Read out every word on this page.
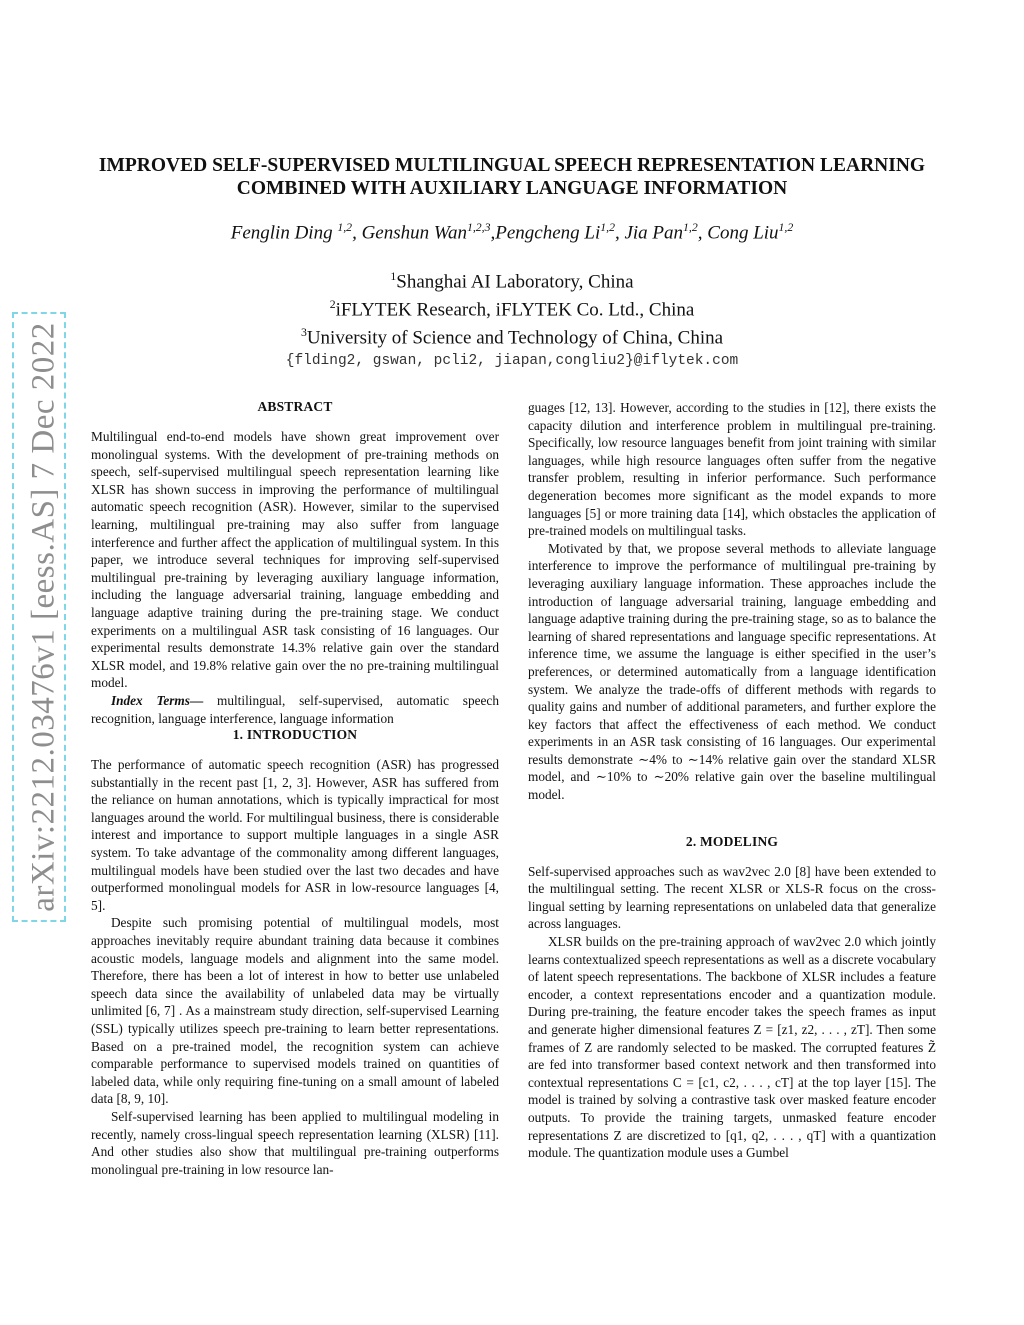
arXiv:2212.03476v1 [eess.AS] 7 Dec 2022
IMPROVED SELF-SUPERVISED MULTILINGUAL SPEECH REPRESENTATION LEARNING
COMBINED WITH AUXILIARY LANGUAGE INFORMATION

Fenglin Ding $^{1,2}$, Genshun Wan$^{1,2,3}$,Pengcheng Li$^{1,2}$, Jia Pan$^{1,2}$, Cong Liu$^{1,2}$

$^1$Shanghai AI Laboratory, China
$^2$iFLYTEK Research, iFLYTEK Co. Ltd., China
$^3$University of Science and Technology of China, China
{flding2, gswan, pcli2, jiapan,congliu2}@iflytek.com
ABSTRACT

Multilingual end-to-end models have shown great improvement over monolingual systems. With the development of pre-training methods on speech, self-supervised multilingual speech representation learning like XLSR has shown success in improving the performance of multilingual automatic speech recognition (ASR). However, similar to the supervised learning, multilingual pre-training may also suffer from language interference and further affect the application of multilingual system. In this paper, we introduce several techniques for improving self-supervised multilingual pre-training by leveraging auxiliary language information, including the language adversarial training, language embedding and language adaptive training during the pre-training stage. We conduct experiments on a multilingual ASR task consisting of 16 languages. Our experimental results demonstrate 14.3% relative gain over the standard XLSR model, and 19.8% relative gain over the no pre-training multilingual model.

Index Terms— multilingual, self-supervised, automatic speech recognition, language interference, language information

1. INTRODUCTION

The performance of automatic speech recognition (ASR) has progressed substantially in the recent past [1, 2, 3]. However, ASR has suffered from the reliance on human annotations, which is typically impractical for most languages around the world. For multilingual business, there is considerable interest and importance to support multiple languages in a single ASR system. To take advantage of the commonality among different languages, multilingual models have been studied over the last two decades and have outperformed monolingual models for ASR in low-resource languages [4, 5].

Despite such promising potential of multilingual models, most approaches inevitably require abundant training data because it combines acoustic models, language models and alignment into the same model. Therefore, there has been a lot of interest in how to better use unlabeled speech data since the availability of unlabeled data may be virtually unlimited [6, 7] . As a mainstream study direction, self-supervised Learning (SSL) typically utilizes speech pre-training to learn better representations. Based on a pre-trained model, the recognition system can achieve comparable performance to supervised models trained on quantities of labeled data, while only requiring fine-tuning on a small amount of labeled data [8, 9, 10].

Self-supervised learning has been applied to multilingual modeling in recently, namely cross-lingual speech representation learning (XLSR) [11]. And other studies also show that multilingual pre-training outperforms monolingual pre-training in low resource lan-

guages [12, 13]. However, according to the studies in [12], there exists the capacity dilution and interference problem in multilingual pre-training. Specifically, low resource languages benefit from joint training with similar languages, while high resource languages often suffer from the negative transfer problem, resulting in inferior performance. Such performance degeneration becomes more significant as the model expands to more languages [5] or more training data [14], which obstacles the application of pre-trained models on multilingual tasks.

Motivated by that, we propose several methods to alleviate language interference to improve the performance of multilingual pre-training by leveraging auxiliary language information. These approaches include the introduction of language adversarial training, language embedding and language adaptive training during the pre-training stage, so as to balance the learning of shared representations and language specific representations. At inference time, we assume the language is either specified in the user’s preferences, or determined automatically from a language identification system. We analyze the trade-offs of different methods with regards to quality gains and number of additional parameters, and further explore the key factors that affect the effectiveness of each method. We conduct experiments in an ASR task consisting of 16 languages. Our experimental results demonstrate ∼4% to ∼14% relative gain over the standard XLSR model, and ∼10% to ∼20% relative gain over the baseline multilingual model.

2. MODELING

Self-supervised approaches such as wav2vec 2.0 [8] have been extended to the multilingual setting. The recent XLSR or XLS-R focus on the cross-lingual setting by learning representations on unlabeled data that generalize across languages.

XLSR builds on the pre-training approach of wav2vec 2.0 which jointly learns contextualized speech representations as well as a discrete vocabulary of latent speech representations. The backbone of XLSR includes a feature encoder, a context representations encoder and a quantization module. During pre-training, the feature encoder takes the speech frames as input and generate higher dimensional features Z = [z1, z2, . . . , zT]. Then some frames of Z are randomly selected to be masked. The corrupted features Z̃ are fed into transformer based context network and then transformed into contextual representations C = [c1, c2, . . . , cT] at the top layer [15]. The model is trained by solving a contrastive task over masked feature encoder outputs. To provide the training targets, unmasked feature encoder representations Z are discretized to [q1, q2, . . . , qT] with a quantization module. The quantization module uses a Gumbel
